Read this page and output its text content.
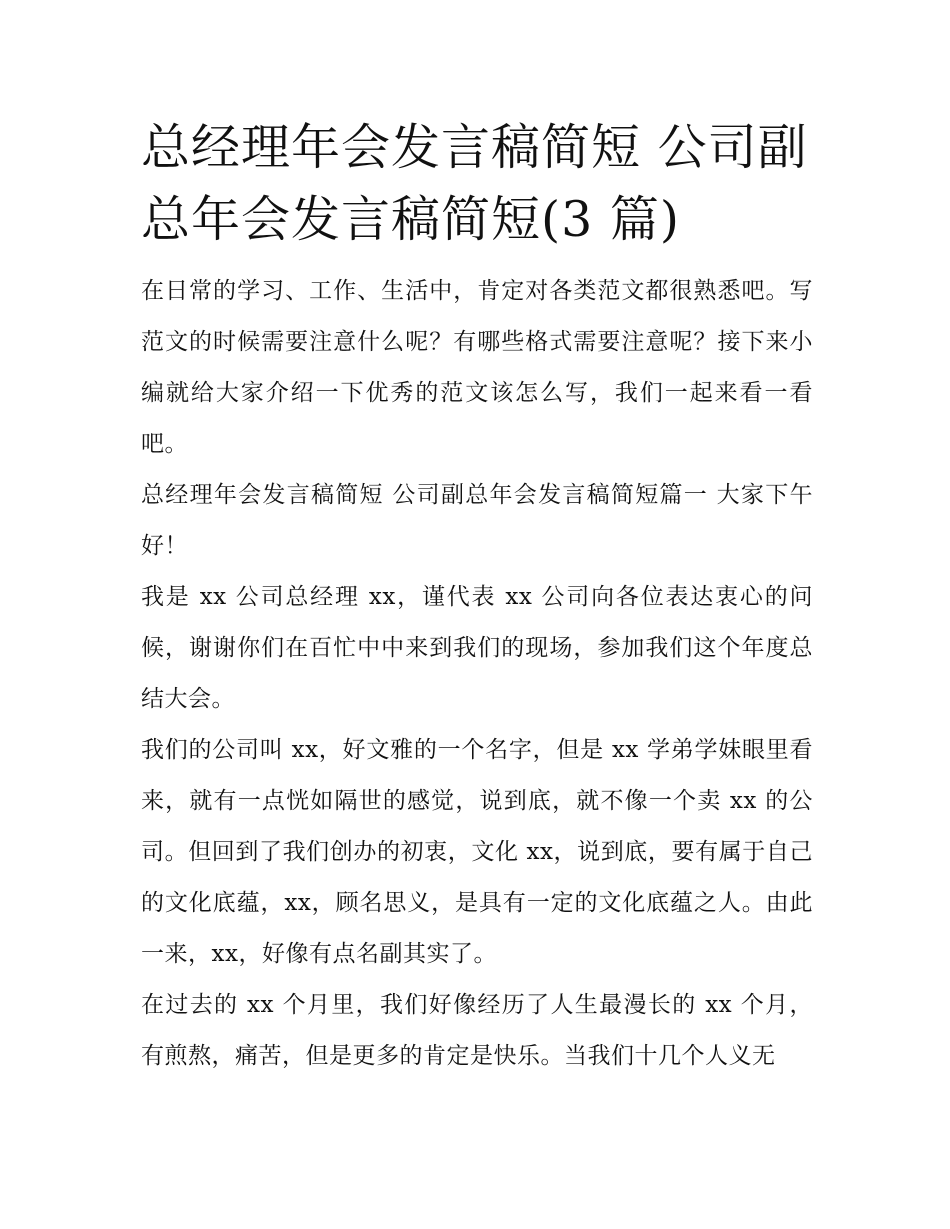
总经理年会发言稿简短 公司副总年会发言稿简短(3 篇)

在日常的学习、工作、生活中，肯定对各类范文都很熟悉吧。写范文的时候需要注意什么呢？有哪些格式需要注意呢？接下来小编就给大家介绍一下优秀的范文该怎么写，我们一起来看一看吧。

总经理年会发言稿简短 公司副总年会发言稿简短篇一 大家下午好！

我是 xx 公司总经理 xx，谨代表 xx 公司向各位表达衷心的问候，谢谢你们在百忙中中来到我们的现场，参加我们这个年度总结大会。

我们的公司叫 xx，好文雅的一个名字，但是 xx 学弟学妹眼里看来，就有一点恍如隔世的感觉，说到底，就不像一个卖 xx 的公司。但回到了我们创办的初衷，文化 xx，说到底，要有属于自己的文化底蕴，xx，顾名思义，是具有一定的文化底蕴之人。由此一来，xx，好像有点名副其实了。

在过去的 xx 个月里，我们好像经历了人生最漫长的 xx 个月，有煎熬，痛苦，但是更多的肯定是快乐。当我们十几个人义无
